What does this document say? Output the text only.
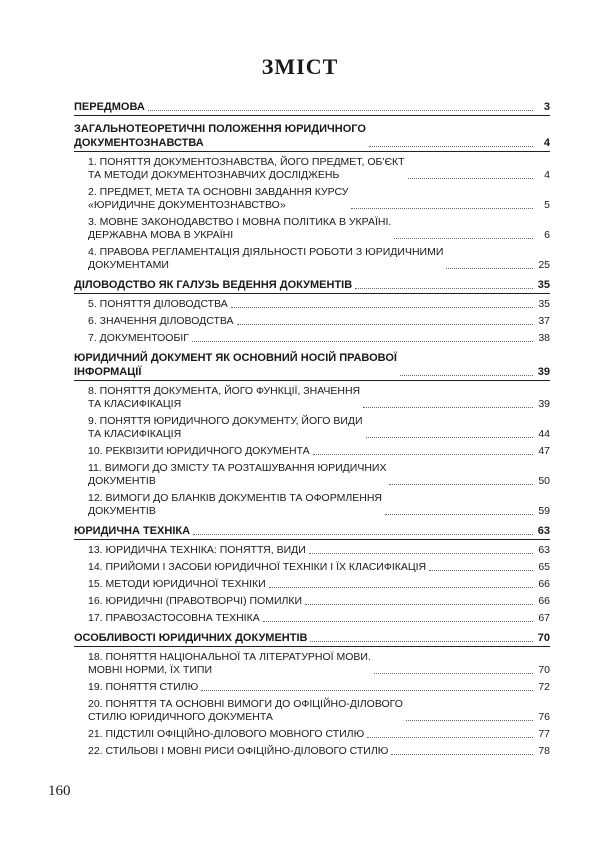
ЗМІСТ
ПЕРЕДМОВА	3
ЗАГАЛЬНОТЕОРЕТИЧНІ ПОЛОЖЕННЯ ЮРИДИЧНОГО
ДОКУМЕНТОЗНАВСТВА	4
1. ПОНЯТТЯ ДОКУМЕНТОЗНАВСТВА, ЙОГО ПРЕДМЕТ, ОБ'ЄКТ
ТА МЕТОДИ ДОКУМЕНТОЗНАВЧИХ ДОСЛІДЖЕНЬ	4
2. ПРЕДМЕТ, МЕТА ТА ОСНОВНІ ЗАВДАННЯ КУРСУ
«ЮРИДИЧНЕ ДОКУМЕНТОЗНАВСТВО»	5
3. МОВНЕ ЗАКОНОДАВСТВО І МОВНА ПОЛІТИКА В УКРАЇНІ.
ДЕРЖАВНА МОВА В УКРАЇНІ	6
4. ПРАВОВА РЕГЛАМЕНТАЦІЯ ДІЯЛЬНОСТІ РОБОТИ З ЮРИДИЧНИМИ
ДОКУМЕНТАМИ	25
ДІЛОВОДСТВО ЯК ГАЛУЗЬ ВЕДЕННЯ ДОКУМЕНТІВ	35
5. ПОНЯТТЯ ДІЛОВОДСТВА	35
6. ЗНАЧЕННЯ ДІЛОВОДСТВА	37
7. ДОКУМЕНТООБІГ	38
ЮРИДИЧНИЙ ДОКУМЕНТ ЯК ОСНОВНИЙ НОСІЙ ПРАВОВОЇ
ІНФОРМАЦІЇ	39
8. ПОНЯТТЯ ДОКУМЕНТА, ЙОГО ФУНКЦІЇ, ЗНАЧЕННЯ
ТА КЛАСИФІКАЦІЯ	39
9. ПОНЯТТЯ ЮРИДИЧНОГО ДОКУМЕНТУ, ЙОГО ВИДИ
ТА КЛАСИФІКАЦІЯ	44
10. РЕКВІЗИТИ ЮРИДИЧНОГО ДОКУМЕНТА	47
11. ВИМОГИ ДО ЗМІСТУ ТА РОЗТАШУВАННЯ ЮРИДИЧНИХ
ДОКУМЕНТІВ	50
12. ВИМОГИ ДО БЛАНКІВ ДОКУМЕНТІВ ТА ОФОРМЛЕННЯ
ДОКУМЕНТІВ	59
ЮРИДИЧНА ТЕХНІКА	63
13. ЮРИДИЧНА ТЕХНІКА: ПОНЯТТЯ, ВИДИ	63
14. ПРИЙОМИ І ЗАСОБИ ЮРИДИЧНОЇ ТЕХНІКИ І ЇХ КЛАСИФІКАЦІЯ	65
15. МЕТОДИ ЮРИДИЧНОЇ ТЕХНІКИ	66
16. ЮРИДИЧНІ (ПРАВОТВОРЧІ) ПОМИЛКИ	66
17. ПРАВОЗАСТОСОВНА ТЕХНІКА	67
ОСОБЛИВОСТІ ЮРИДИЧНИХ ДОКУМЕНТІВ	70
18. ПОНЯТТЯ НАЦІОНАЛЬНОЇ ТА ЛІТЕРАТУРНОЇ МОВИ.
МОВНІ НОРМИ, ЇХ ТИПИ	70
19. ПОНЯТТЯ СТИЛЮ	72
20. ПОНЯТТЯ ТА ОСНОВНІ ВИМОГИ ДО ОФІЦІЙНО-ДІЛОВОГО
СТИЛЮ ЮРИДИЧНОГО ДОКУМЕНТА	76
21. ПІДСТИЛІ ОФІЦІЙНО-ДІЛОВОГО МОВНОГО СТИЛЮ	77
22. СТИЛЬОВІ І МОВНІ РИСИ ОФІЦІЙНО-ДІЛОВОГО СТИЛЮ	78
160
